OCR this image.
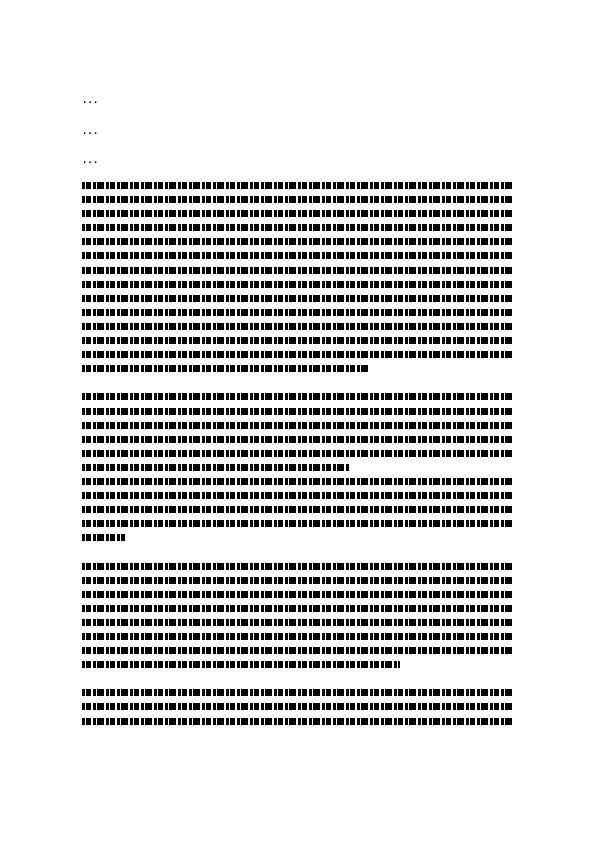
...
...
...
